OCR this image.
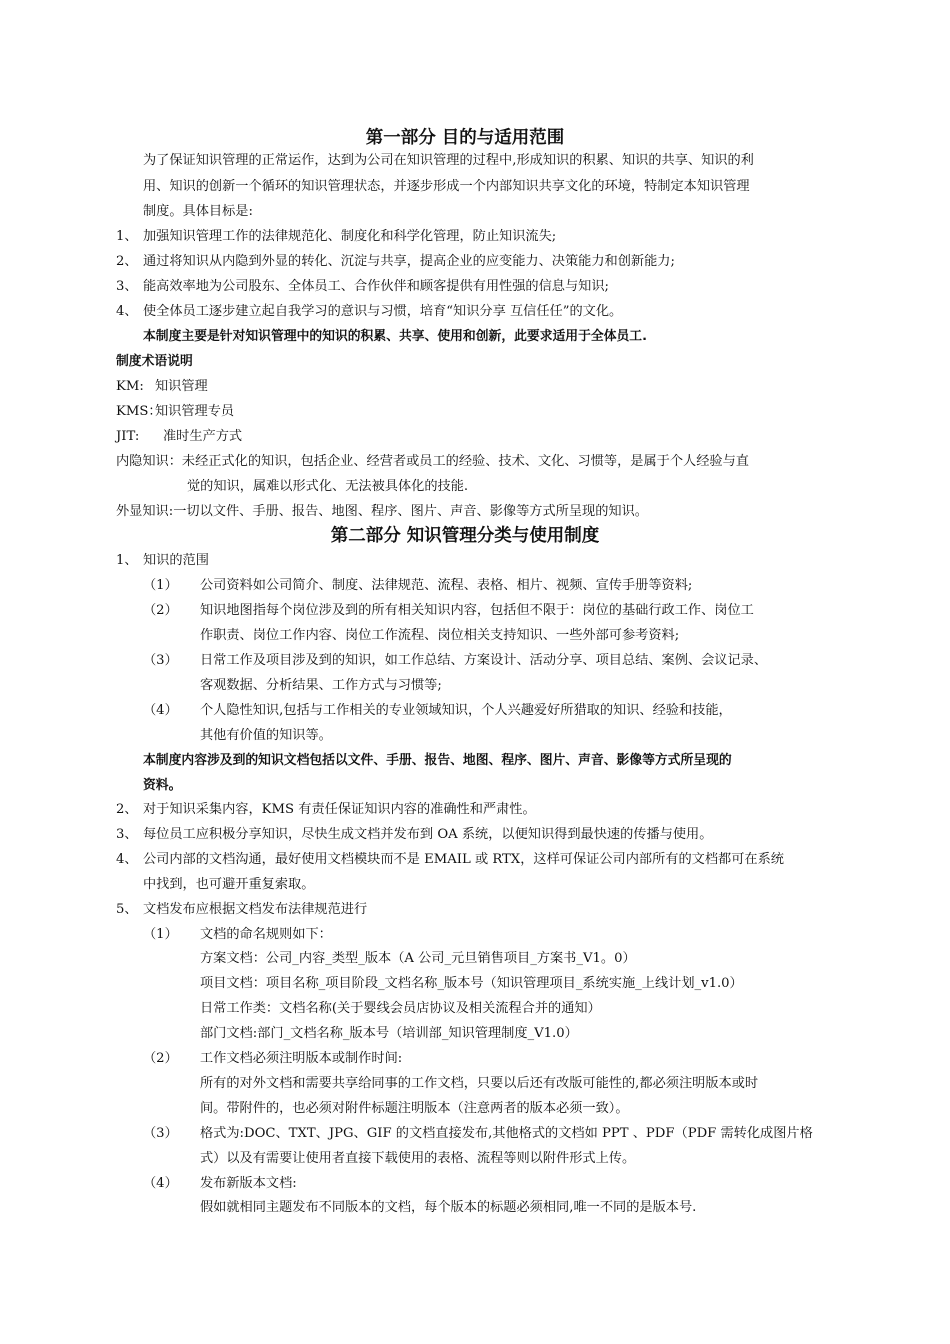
第一部分 目的与适用范围
为了保证知识管理的正常运作，达到为公司在知识管理的过程中,形成知识的积累、知识的共享、知识的利
用、知识的创新一个循环的知识管理状态，并逐步形成一个内部知识共享文化的环境，特制定本知识管理
制度。具体目标是:
1、 加强知识管理工作的法律规范化、制度化和科学化管理，防止知识流失;
2、 通过将知识从内隐到外显的转化、沉淀与共享，提高企业的应变能力、决策能力和创新能力;
3、 能高效率地为公司股东、全体员工、合作伙伴和顾客提供有用性强的信息与知识;
4、 使全体员工逐步建立起自我学习的意识与习惯，培育“知识分享 互信任任”的文化。
本制度主要是针对知识管理中的知识的积累、共享、使用和创新，此要求适用于全体员工.
制度术语说明
KM: 知识管理
KMS：
知识管理专员
JIT: 准时生产方式
内隐知识：未经正式化的知识，包括企业、经营者或员工的经验、技术、文化、习惯等，是属于个人经验与直
觉的知识，属难以形式化、无法被具体化的技能.
外显知识:一切以文件、手册、报告、地图、程序、图片、声音、影像等方式所呈现的知识。
第二部分 知识管理分类与使用制度
1、 知识的范围
（1） 公司资料如公司简介、制度、法律规范、流程、表格、相片、视频、宣传手册等资料;
（2） 知识地图指每个岗位涉及到的所有相关知识内容，包括但不限于：岗位的基础行政工作、岗位工
作职责、岗位工作内容、岗位工作流程、岗位相关支持知识、一些外部可参考资料;
（3） 日常工作及项目涉及到的知识，如工作总结、方案设计、活动分享、项目总结、案例、会议记录、
客观数据、分析结果、工作方式与习惯等;
（4） 个人隐性知识,包括与工作相关的专业领域知识，个人兴趣爱好所猎取的知识、经验和技能，
其他有价值的知识等。
本制度内容涉及到的知识文档包括以文件、手册、报告、地图、程序、图片、声音、影像等方式所呈现的
资料。
2、 对于知识采集内容，KMS 有责任保证知识内容的准确性和严肃性。
3、 每位员工应积极分享知识，尽快生成文档并发布到 OA 系统，以便知识得到最快速的传播与使用。
4、 公司内部的文档沟通，最好使用文档模块而不是 EMAIL 或 RTX，这样可保证公司内部所有的文档都可在系统
中找到，也可避开重复索取。
5、 文档发布应根据文档发布法律规范进行
（1） 文档的命名规则如下：
方案文档：公司_内容_类型_版本（A 公司_元旦销售项目_方案书_V1。0）
项目文档：项目名称_项目阶段_文档名称_版本号（知识管理项目_系统实施_上线计划_v1.0）
日常工作类：文档名称(关于婴线会员店协议及相关流程合并的通知）
部门文档:部门_文档名称_版本号（培训部_知识管理制度_V1.0）
（2） 工作文档必须注明版本或制作时间:
所有的对外文档和需要共享给同事的工作文档，只要以后还有改版可能性的,都必须注明版本或时
间。带附件的，也必须对附件标题注明版本（注意两者的版本必须一致）。
（3） 格式为:DOC、TXT、JPG、GIF 的文档直接发布,其他格式的文档如 PPT 、PDF（PDF 需转化成图片格
式）以及有需要让使用者直接下载使用的表格、流程等则以附件形式上传。
（4） 发布新版本文档:
假如就相同主题发布不同版本的文档，每个版本的标题必须相同,唯一不同的是版本号.
